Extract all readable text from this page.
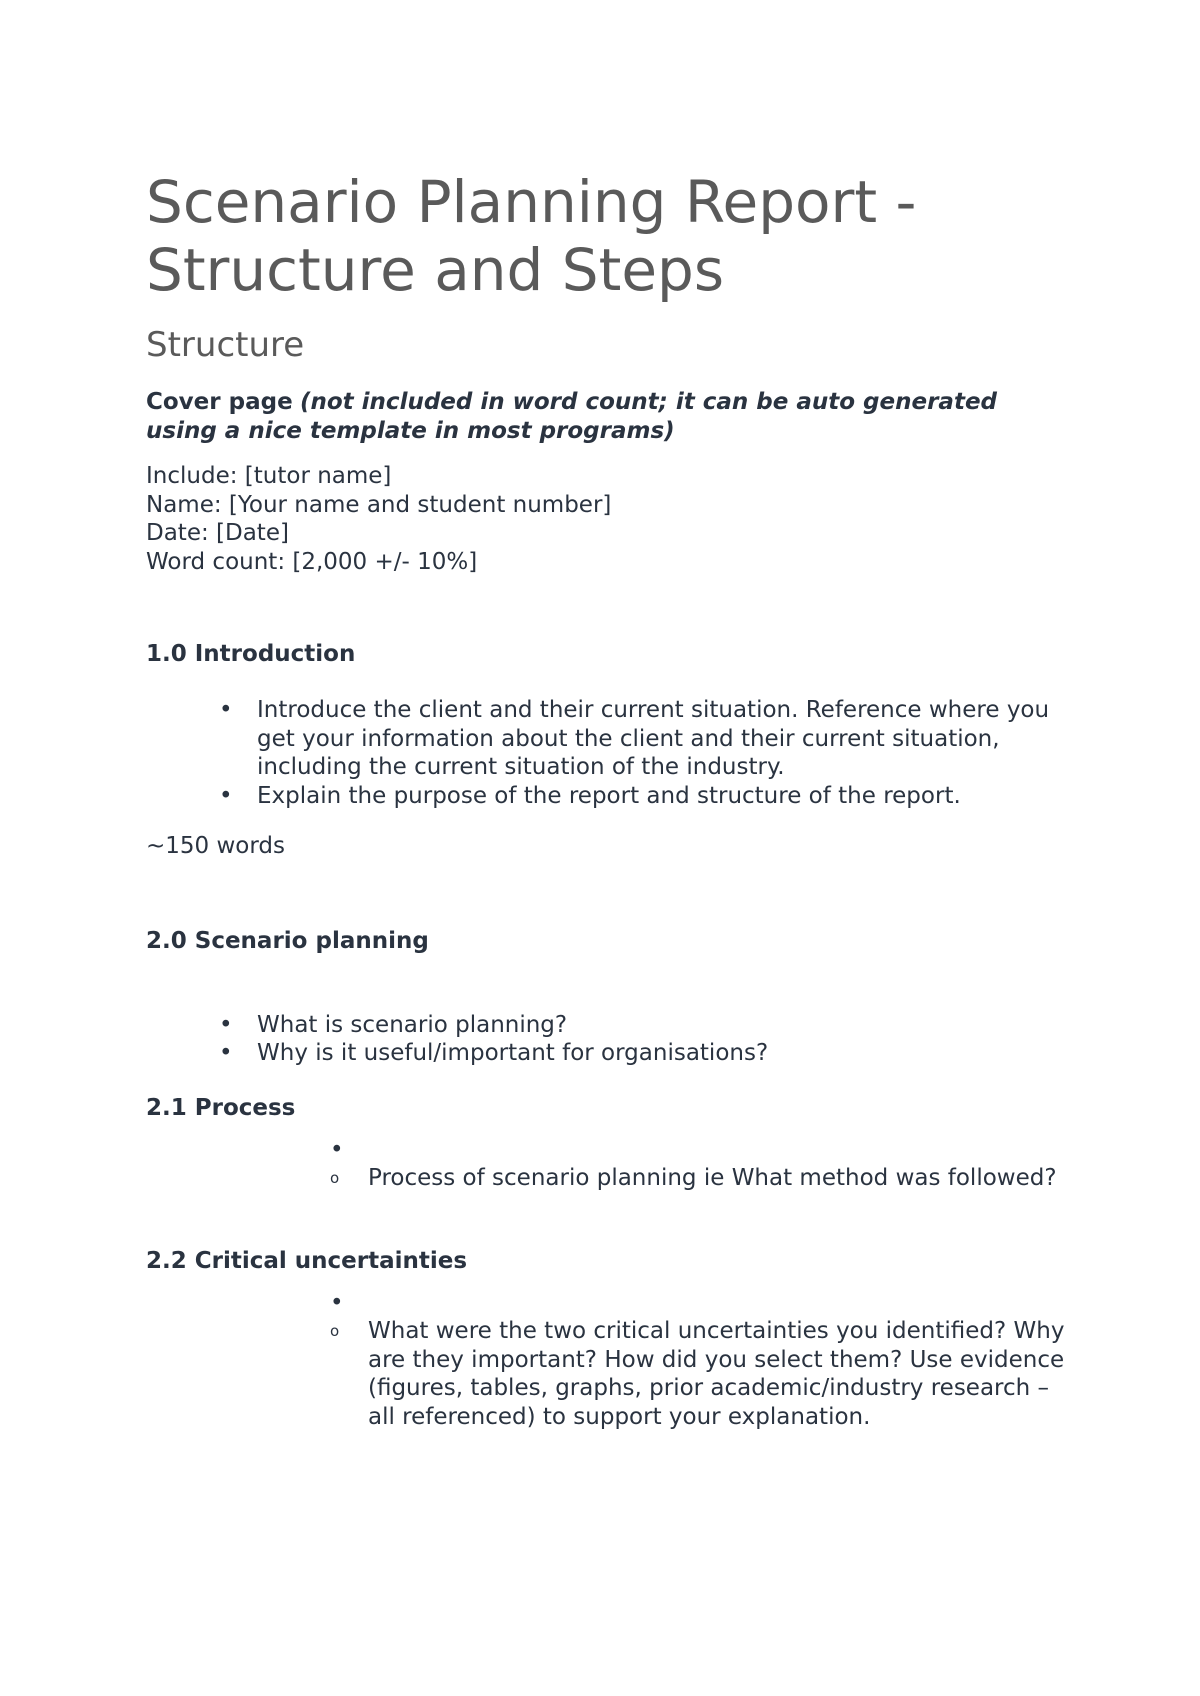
Scenario Planning Report - Structure and Steps
Structure
Cover page (not included in word count; it can be auto generated using a nice template in most programs)
Include: [tutor name]
Name: [Your name and student number]
Date: [Date]
Word count: [2,000 +/- 10%]
1.0 Introduction
• Introduce the client and their current situation. Reference where you get your information about the client and their current situation, including the current situation of the industry.
• Explain the purpose of the report and structure of the report.
~150 words
2.0 Scenario planning
• What is scenario planning?
• Why is it useful/important for organisations?
2.1 Process
•

o Process of scenario planning ie What method was followed?
2.2 Critical uncertainties
•

o What were the two critical uncertainties you identified? Why are they important? How did you select them? Use evidence (figures, tables, graphs, prior academic/industry research – all referenced) to support your explanation.
